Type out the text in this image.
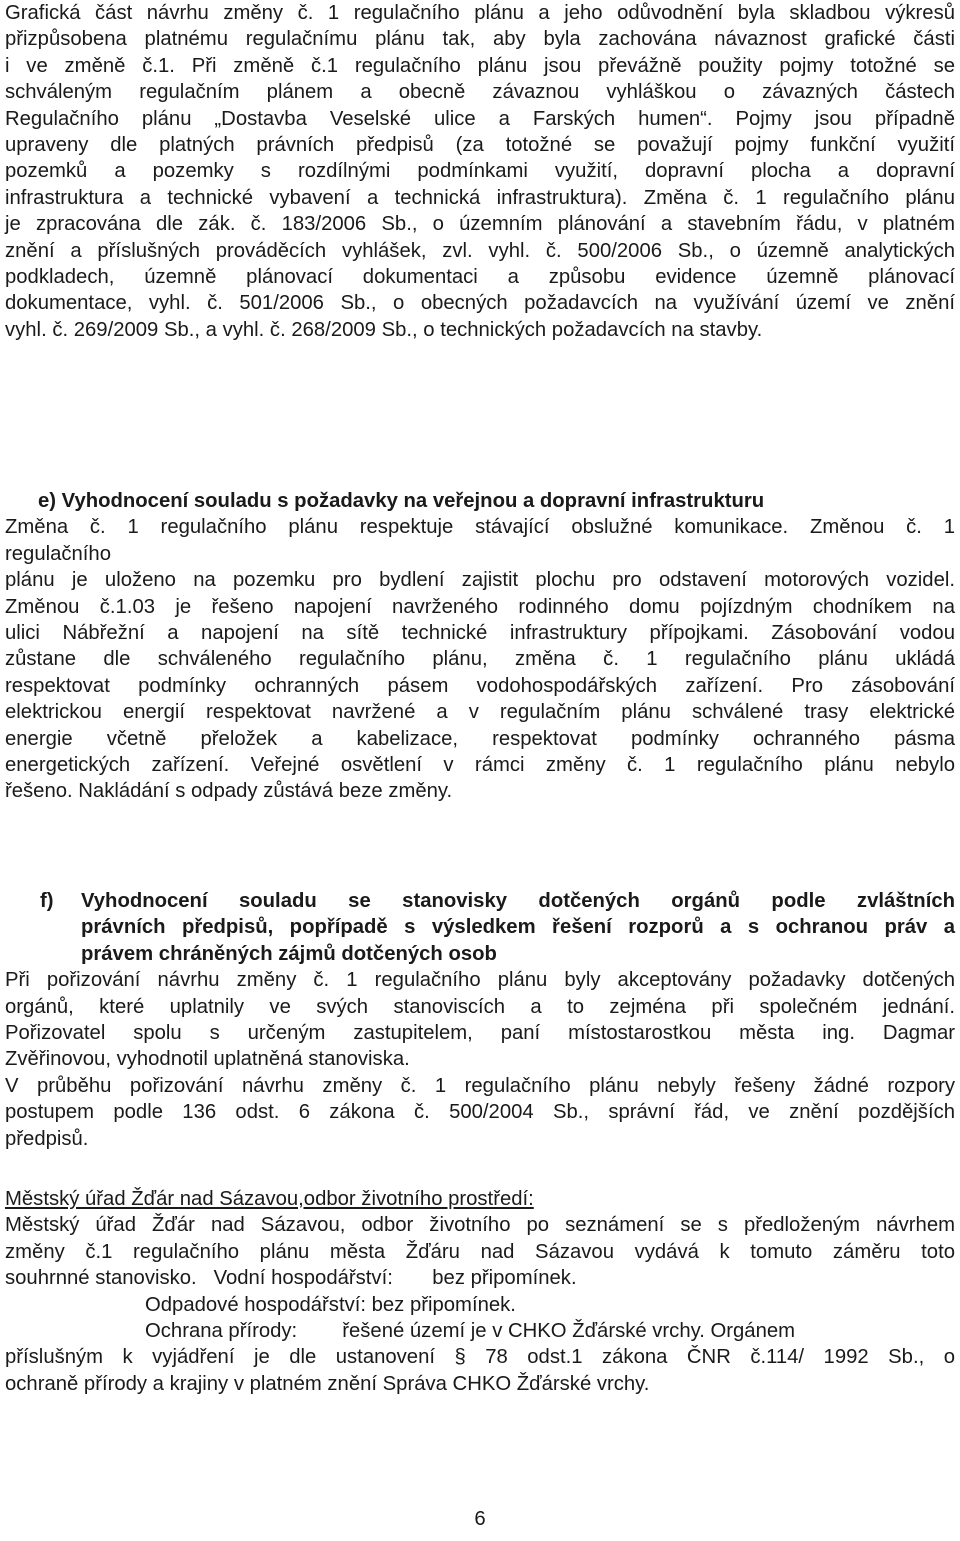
Grafická část návrhu změny č. 1 regulačního plánu a jeho odůvodnění byla skladbou výkresů

přizpůsobena platnému regulačnímu plánu tak, aby byla zachována návaznost grafické části

i ve změně č.1. Při změně č.1 regulačního plánu jsou převážně použity pojmy totožné se

schváleným regulačním plánem a obecně závaznou vyhláškou o závazných částech

Regulačního plánu „Dostavba Veselské ulice a Farských humen“. Pojmy jsou případně

upraveny dle platných právních předpisů (za totožné se považují pojmy funkční využití

pozemků a pozemky s rozdílnými podmínkami využití, dopravní plocha a dopravní

infrastruktura a technické vybavení a technická infrastruktura). Změna č. 1 regulačního plánu

je zpracována dle zák. č. 183/2006 Sb., o územním plánování a stavebním řádu, v platném

znění a příslušných prováděcích vyhlášek, zvl. vyhl. č. 500/2006 Sb., o územně analytických

podkladech, územně plánovací dokumentaci a způsobu evidence územně plánovací

dokumentace, vyhl. č. 501/2006 Sb., o obecných požadavcích na využívání území ve znění

vyhl. č. 269/2009 Sb., a vyhl. č. 268/2009 Sb., o technických požadavcích na stavby.

e) Vyhodnocení souladu s požadavky na veřejnou a dopravní infrastrukturu

Změna č. 1 regulačního plánu respektuje stávající obslužné komunikace. Změnou č. 1

regulačního

plánu je uloženo na pozemku pro bydlení zajistit plochu pro odstavení motorových vozidel.

Změnou č.1.03 je řešeno napojení navrženého rodinného domu pojízdným chodníkem na

ulici Nábřežní a napojení na sítě technické infrastruktury přípojkami. Zásobování vodou

zůstane dle schváleného regulačního plánu, změna č. 1 regulačního plánu ukládá

respektovat podmínky ochranných pásem vodohospodářských zařízení. Pro zásobování

elektrickou energií respektovat navržené a v regulačním plánu schválené trasy elektrické

energie včetně přeložek a kabelizace, respektovat podmínky ochranného pásma

energetických zařízení. Veřejné osvětlení v rámci změny č. 1 regulačního plánu nebylo

řešeno. Nakládání s odpady zůstává beze změny.

f) Vyhodnocení souladu se stanovisky dotčených orgánů podle zvláštních
právních předpisů, popřípadě s výsledkem řešení rozporů a s ochranou práv a
právem chráněných zájmů dotčených osob

Při pořizování návrhu změny č. 1 regulačního plánu byly akceptovány požadavky dotčených

orgánů, které uplatnily ve svých stanoviscích a to zejména při společném jednání.

Pořizovatel spolu s určeným zastupitelem, paní místostarostkou města ing. Dagmar

Zvěřinovou, vyhodnotil uplatněná stanoviska.

V průběhu pořizování návrhu změny č. 1 regulačního plánu nebyly řešeny žádné rozpory

postupem podle 136 odst. 6 zákona č. 500/2004 Sb., správní řád, ve znění pozdějších

předpisů.

Městský úřad Žďár nad Sázavou,odbor životního prostředí:

Městský úřad Žďár nad Sázavou, odbor životního po seznámení se s předloženým návrhem

změny č.1 regulačního plánu města Žďáru nad Sázavou vydává k tomuto záměru toto

souhrnné stanovisko.   Vodní hospodářství:       bez připomínek.

Odpadové hospodářství: bez připomínek.

Ochrana přírody:        řešené území je v CHKO Žďárské vrchy. Orgánem

příslušným k vyjádření je dle ustanovení § 78 odst.1 zákona ČNR č.114/ 1992 Sb., o

ochraně přírody a krajiny v platném znění Správa CHKO Žďárské vrchy.

6
